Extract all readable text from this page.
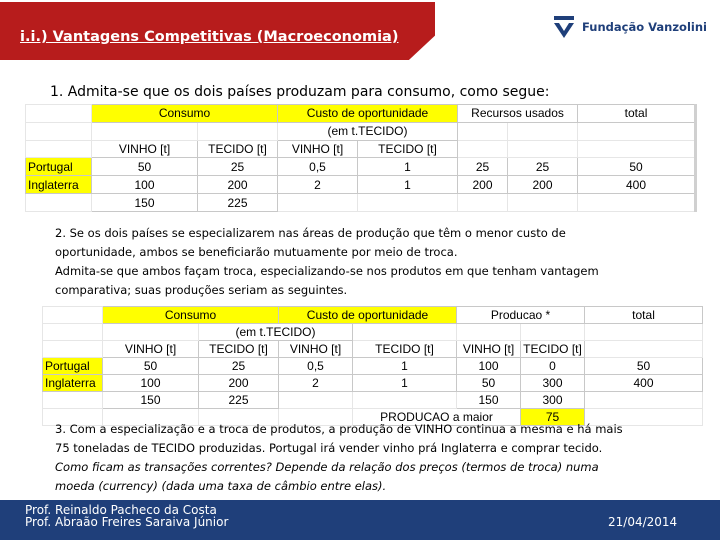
i.i.) Vantagens Competitivas (Macroeconomia)
Fundação Vanzolini
1. Admita-se que os dois países produzam para consumo, como segue:
	Consumo		Custo de oportunidade		Recursos usados		total
			(em t.TECIDO)				
	VINHO [t]	TECIDO [t]	VINHO [t]	TECIDO [t]			
Portugal	50	25	0,5	1	25	25	50
Inglaterra	100	200	2	1	200	200	400
	150	225					
2. Se os dois países se especializarem nas áreas de produção que têm o menor custo de
oportunidade, ambos se beneficiarão mutuamente por meio de troca.
Admita-se que ambos façam troca, especializando-se nos produtos em que tenham vantagem
comparativa; suas produções seriam as seguintes.
	Consumo		Custo de oportunidade		Producao *		total
		(em t.TECIDO)					
	VINHO [t]	TECIDO [t]	VINHO [t]	TECIDO [t]	VINHO [t]	TECIDO [t]	
Portugal	50	25	0,5	1	100	0	50
Inglaterra	100	200	2	1	50	300	400
	150	225			150	300	
				PRODUCAO a maior		75	
3. Com a especialização e a troca de produtos, a produção de VINHO continua a mesma e há mais
75 toneladas de TECIDO produzidas. Portugal irá vender vinho prá Inglaterra e comprar tecido.
Como ficam as transações correntes? Depende da relação dos preços (termos de troca) numa
moeda (currency) (dada uma taxa de câmbio entre elas).
Prof. Reinaldo Pacheco da Costa
Prof. Abraão Freires Saraiva Júnior	21/04/2014
